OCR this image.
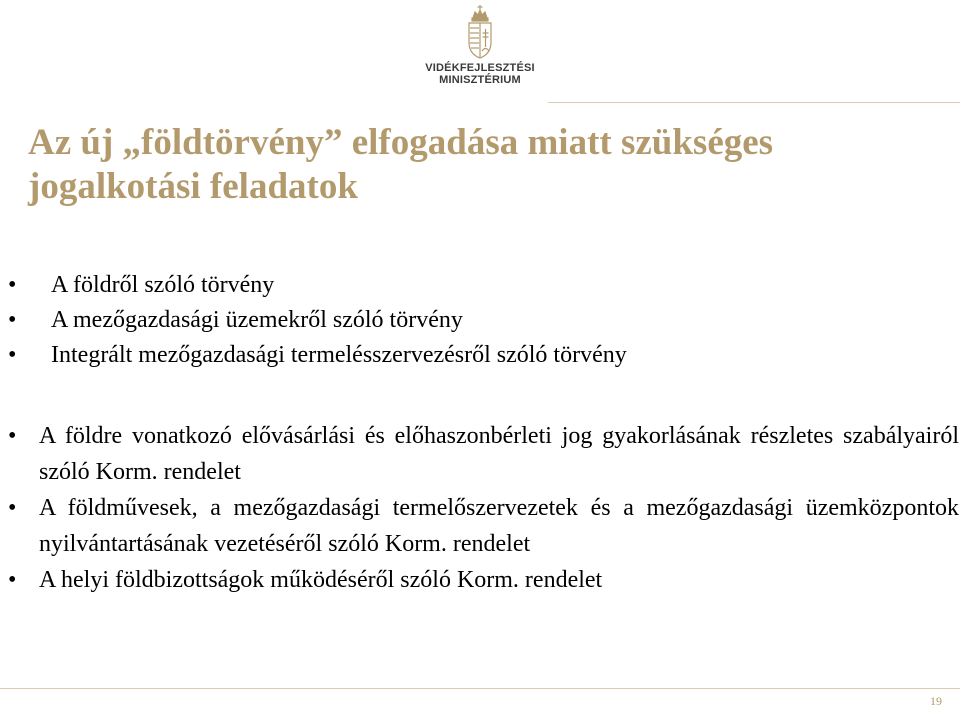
VIDÉKFEJLESZTÉSI
MINISZTÉRIUM
Az új „földtörvény” elfogadása miatt szükséges jogalkotási feladatok
• A földről szóló törvény
• A mezőgazdasági üzemekről szóló törvény
• Integrált mezőgazdasági termelésszervezésről szóló törvény
• A földre vonatkozó elővásárlási és előhaszonbérleti jog gyakorlásának részletes szabályairól szóló Korm. rendelet
• A földművesek, a mezőgazdasági termelőszervezetek és a mezőgazdasági üzemközpontok nyilvántartásának vezetéséről szóló Korm. rendelet
• A helyi földbizottságok működéséről szóló Korm. rendelet
19
